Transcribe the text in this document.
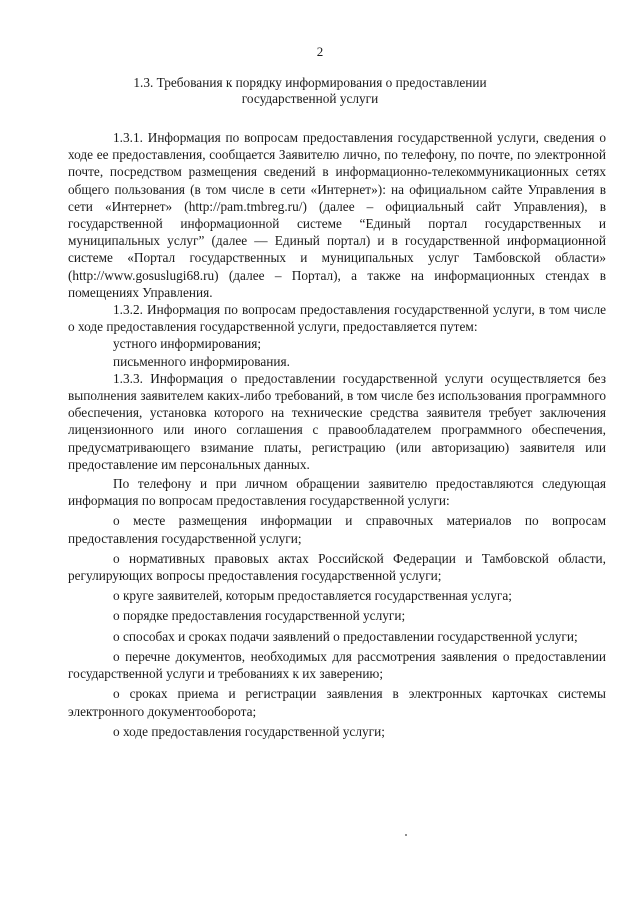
2
1.3. Требования к порядку информирования о предоставлении государственной услуги

1.3.1. Информация по вопросам предоставления государственной услуги, сведения о ходе ее предоставления, сообщается Заявителю лично, по телефону, по почте, по электронной почте, посредством размещения сведений в информационно-телекоммуникационных сетях общего пользования (в том числе в сети «Интернет»): на официальном сайте Управления в сети «Интернет» (http://pam.tmbreg.ru/) (далее – официальный сайт Управления), в государственной информационной системе “Единый портал государственных и муниципальных услуг” (далее — Единый портал) и в государственной информационной системе «Портал государственных и муниципальных услуг Тамбовской области» (http://www.gosuslugi68.ru) (далее – Портал), а также на информационных стендах в помещениях Управления.

1.3.2. Информация по вопросам предоставления государственной услуги, в том числе о ходе предоставления государственной услуги, предоставляется путем:

устного информирования;

письменного информирования.

1.3.3. Информация о предоставлении государственной услуги осуществляется без выполнения заявителем каких-либо требований, в том числе без использования программного обеспечения, установка которого на технические средства заявителя требует заключения лицензионного или иного соглашения с правообладателем программного обеспечения, предусматривающего взимание платы, регистрацию (или авторизацию) заявителя или предоставление им персональных данных.

По телефону и при личном обращении заявителю предоставляются следующая информация по вопросам предоставления государственной услуги:

о месте размещения информации и справочных материалов по вопросам предоставления государственной услуги;

о нормативных правовых актах Российской Федерации и Тамбовской области, регулирующих вопросы предоставления государственной услуги;

о круге заявителей, которым предоставляется государственная услуга;

о порядке предоставления государственной услуги;

о способах и сроках подачи заявлений о предоставлении государственной услуги;

о перечне документов, необходимых для рассмотрения заявления о предоставлении государственной услуги и требованиях к их заверению;

о сроках приема и регистрации заявления в электронных карточках системы электронного документооборота;

о ходе предоставления государственной услуги;
